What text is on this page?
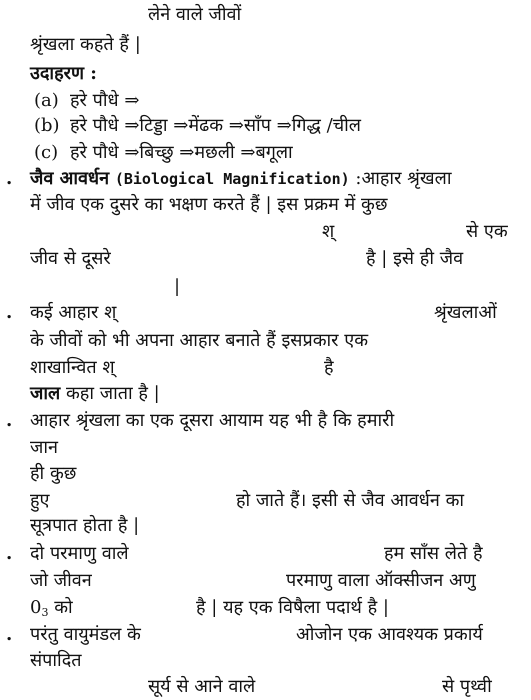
लेने वाले जीवों
श्रृंखला कहते हैं |
उदाहरण :
(a) हरे पौधे ⇒
(b) हरे पौधे ⇒टिड्डा ⇒मेंढक ⇒साँप ⇒गिद्ध /चील
(c) हरे पौधे ⇒बिच्छु ⇒मछली ⇒बगूला
. जैव आवर्धन (Biological Magnification) :आहार श्रृंखला
में जीव एक दुसरे का भक्षण करते हैं | इस प्रक्रम में कुछ
श्	से एक
जीव से दूसरे	है | इसे ही जैव
|
. कई आहार श्	श्रृंखलाओं
के जीवों को भी अपना आहार बनाते हैं इसप्रकार एक
शाखान्वित श्	है
जाल कहा जाता है |
. आहार श्रृंखला का एक दूसरा आयाम यह भी है कि हमारी
जान
ही कुछ
हुए	हो जाते हैं। इसी से जैव आवर्धन का
सूत्रपात होता है |
. दो परमाणु वाले	हम साँस लेते है
जो जीवन	परमाणु वाला ऑक्सीजन अणु
$0_3$ को	है | यह एक विषैला पदार्थ है |
. परंतु वायुमंडल के	ओजोन एक आवश्यक प्रकार्य
संपादित
सूर्य से आने वाले	से पृथ्वी
